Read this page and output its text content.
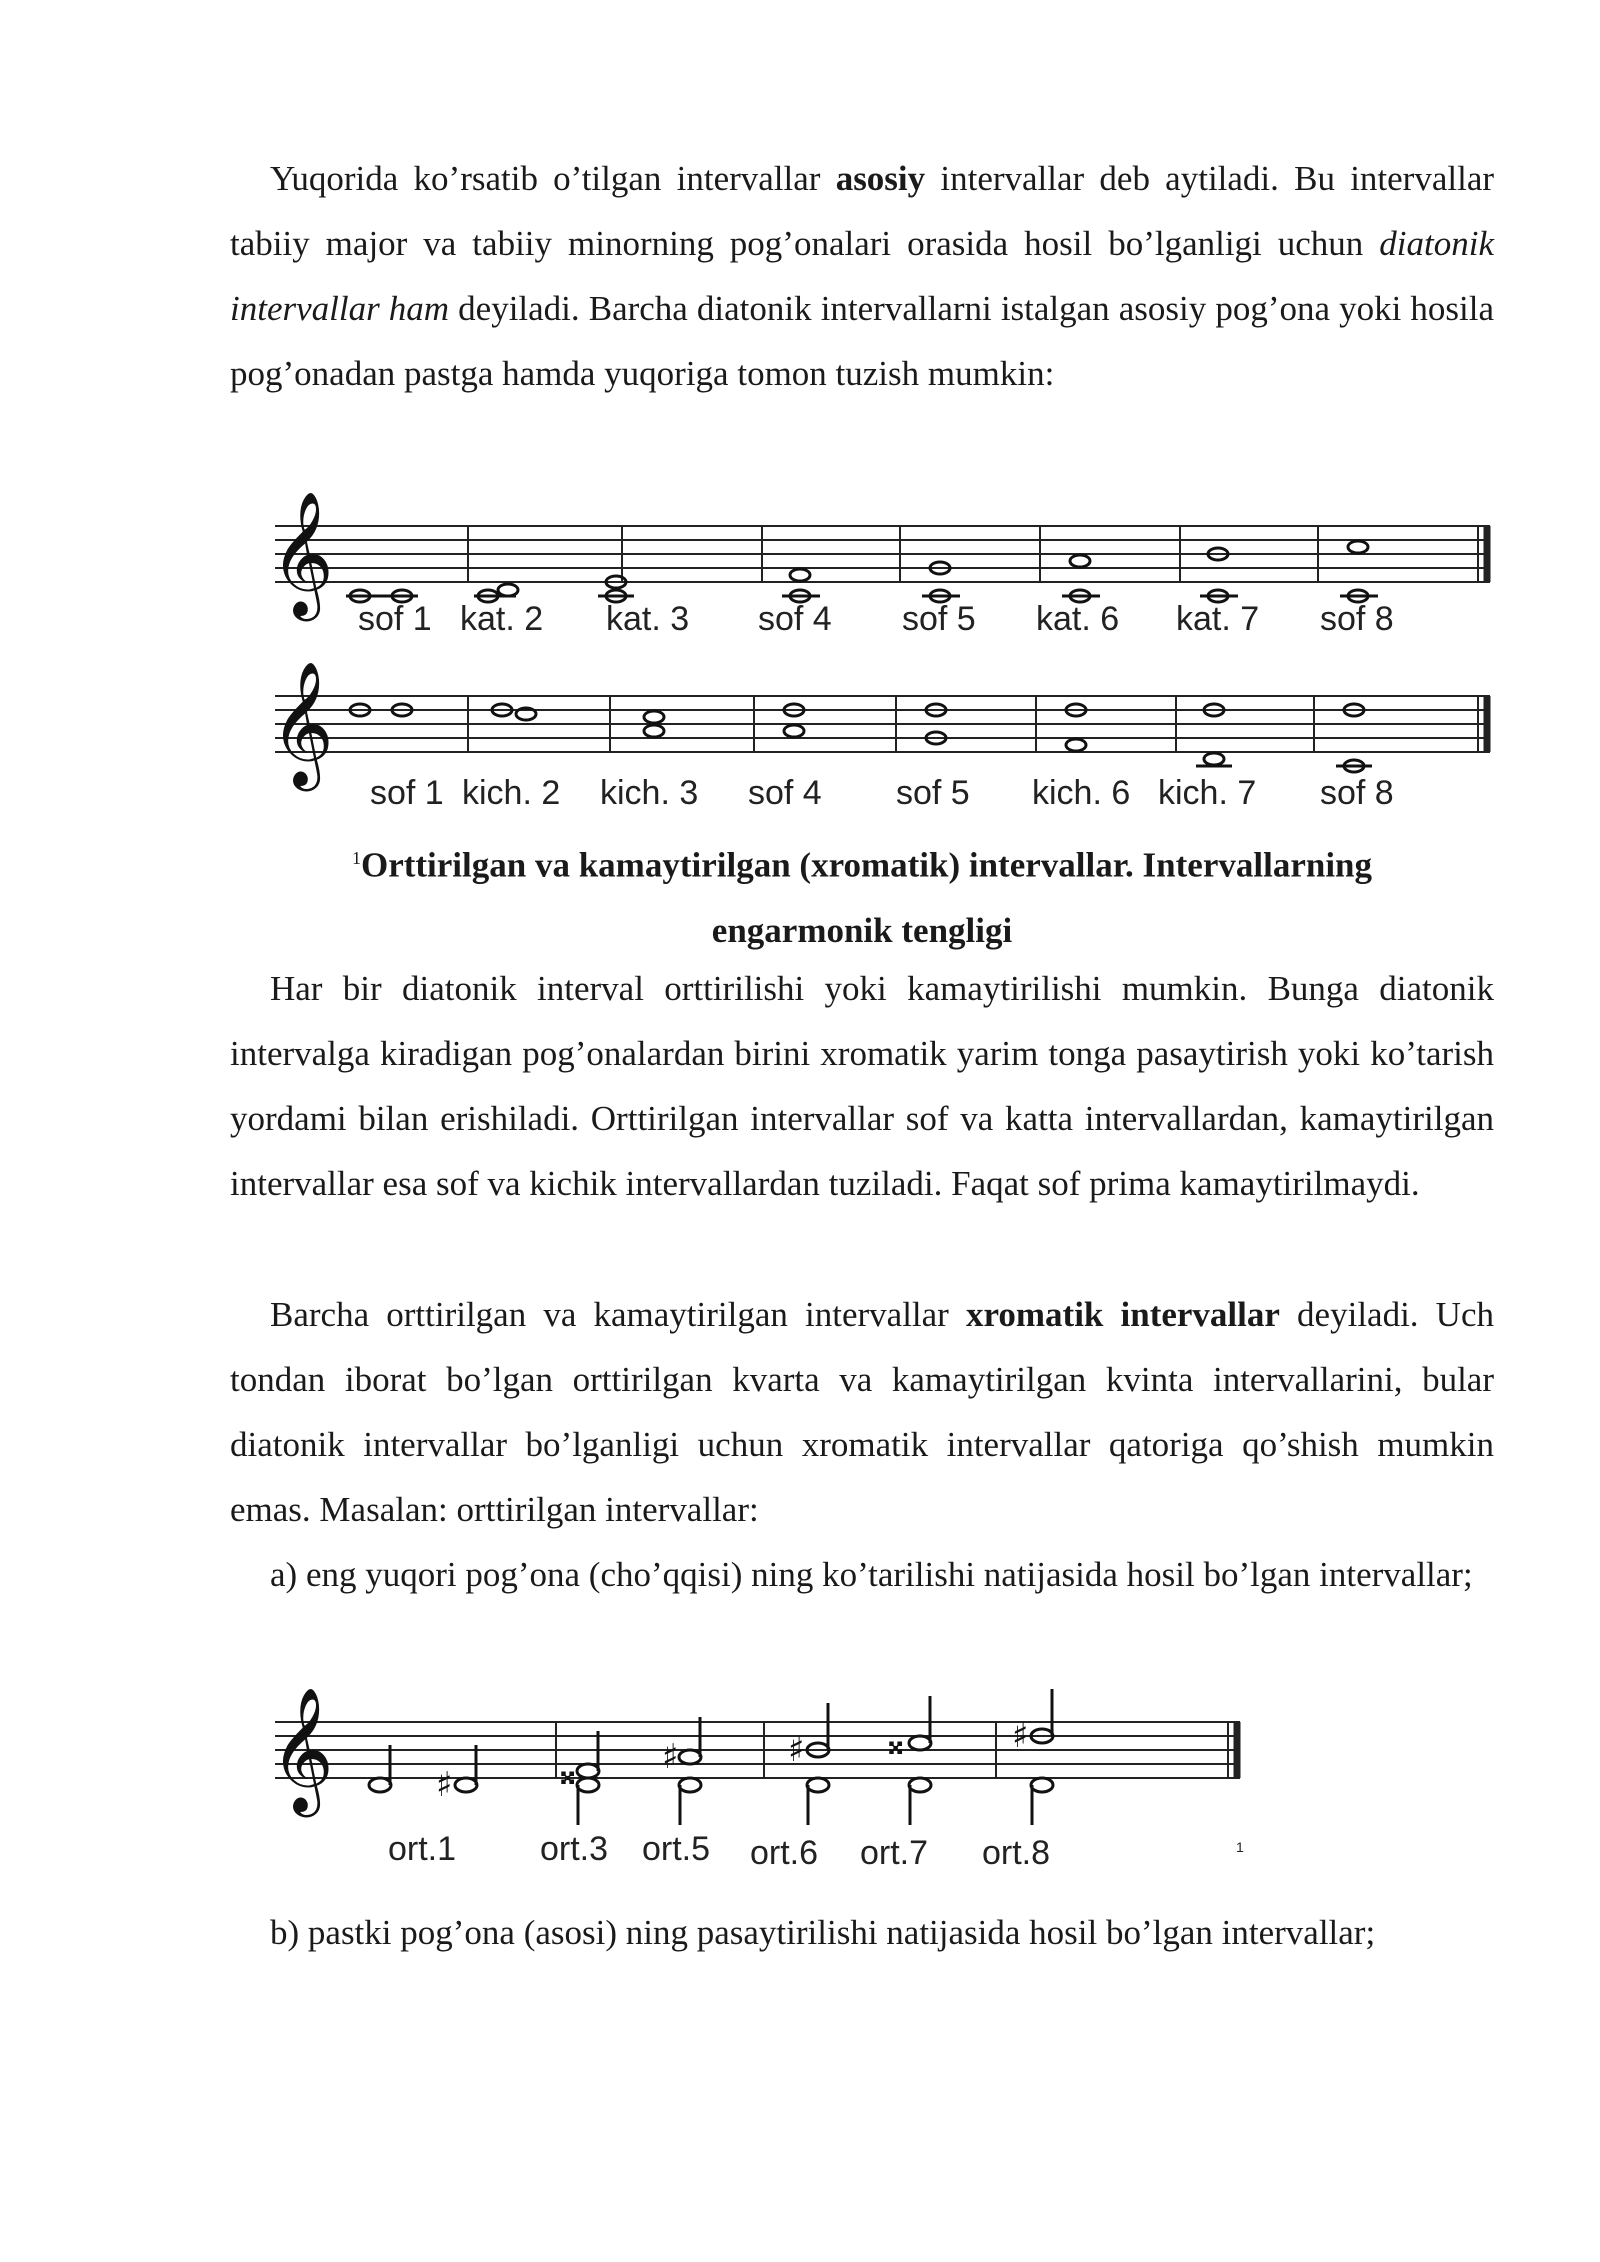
Yuqorida ko’rsatib o’tilgan intervallar asosiy intervallar deb aytiladi. Bu intervallar tabiiy major va tabiiy minorning pog’onalari orasida hosil bo’lganligi uchun diatonik intervallar ham deyiladi. Barcha diatonik intervallarni istalgan asosiy pog’ona yoki hosila pog’onadan pastga hamda yuqoriga tomon tuzish mumkin:

𝄞
sof 1 kat. 2 kat. 3 sof 4 sof 5 kat. 6 kat. 7 sof 8
𝄞
sof 1 kich. 2 kich. 3 sof 4 sof 5 kich. 6 kich. 7 sof 8
$^1$Orttirilgan va kamaytirilgan (xromatik) intervallar. Intervallarning
engarmonik tengligi

Har bir diatonik interval orttirilishi yoki kamaytirilishi mumkin. Bunga diatonik intervalga kiradigan pog’onalardan birini xromatik yarim tonga pasaytirish yoki ko’tarish yordami bilan erishiladi. Orttirilgan intervallar sof va katta intervallardan, kamaytirilgan intervallar esa sof va kichik intervallardan tuziladi. Faqat sof prima kamaytirilmaydi.

Barcha orttirilgan va kamaytirilgan intervallar xromatik intervallar deyiladi. Uch tondan iborat bo’lgan orttirilgan kvarta va kamaytirilgan kvinta intervallarini, bular diatonik intervallar bo’lganligi uchun xromatik intervallar qatoriga qo’shish mumkin emas. Masalan: orttirilgan intervallar:

a) eng yuqori pog’ona (cho’qqisi) ning ko’tarilishi natijasida hosil bo’lgan intervallar;

𝄞	♯	𝄪	♯	♯ 𝄪	♯
ort.1 ort.3 ort.5 ort.6 ort.7 ort.8	1

b) pastki pog’ona (asosi) ning pasaytirilishi natijasida hosil bo’lgan intervallar;
